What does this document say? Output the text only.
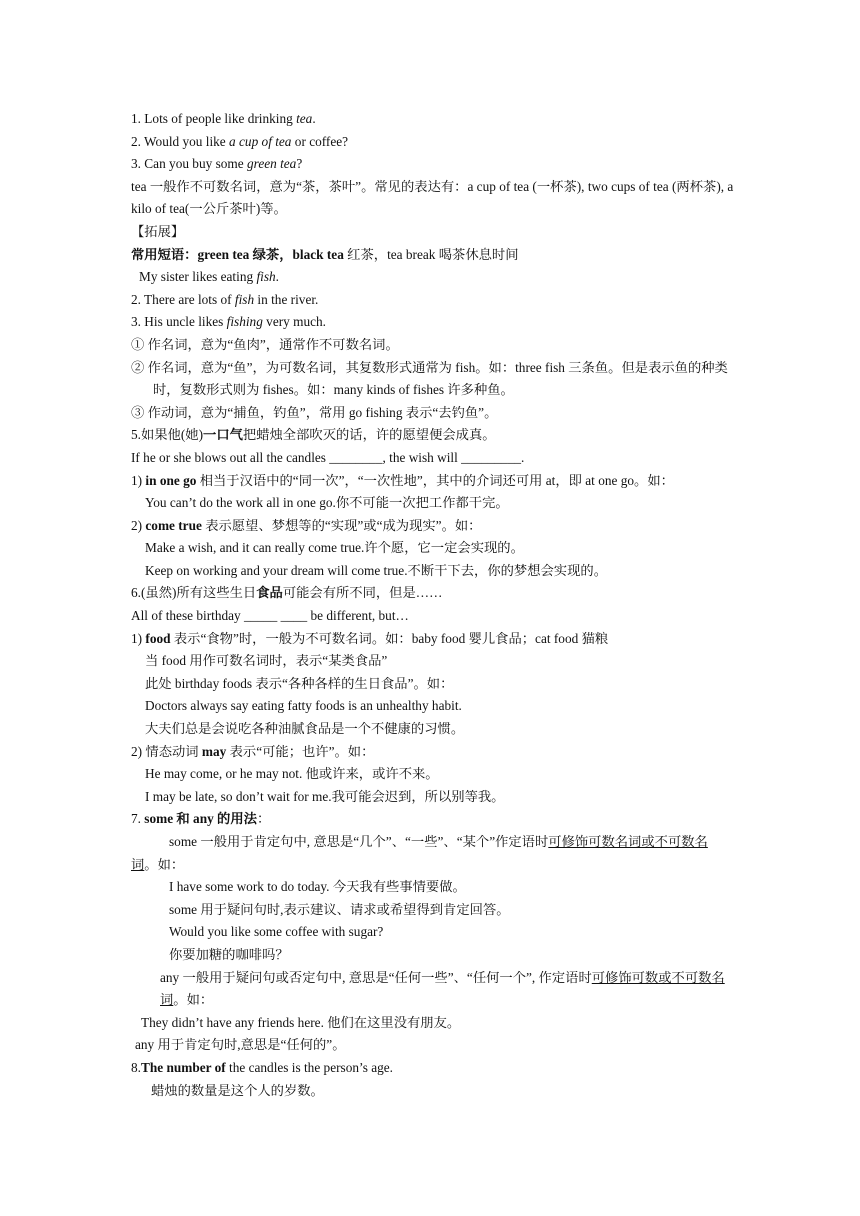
1. Lots of people like drinking tea.
2. Would you like a cup of tea or coffee?
3. Can you buy some green tea?
tea 一般作不可数名词，意为“茶，茶叶”。常见的表达有：a cup of tea (一杯茶), two cups of tea (两杯茶), a kilo of tea(一公斤茶叶)等。
【拓展】
常用短语：green tea 绿茶，black tea 红茶，tea break 喝茶休息时间
My sister likes eating fish.
2. There are lots of fish in the river.
3. His uncle likes fishing very much.
① 作名词，意为“鱼肉”，通常作不可数名词。
② 作名词，意为“鱼”，为可数名词，其复数形式通常为 fish。如：three fish 三条鱼。但是表示鱼的种类时，复数形式则为 fishes。如：many kinds of fishes 许多种鱼。
③ 作动词，意为“捕鱼，钓鱼”，常用 go fishing 表示“去钓鱼”。
5.如果他(她)一口气把蜡烛全部吹灭的话，许的愿望便会成真。
If he or she blows out all the candles ________, the wish will _________.
1) in one go 相当于汉语中的“同一次”，“一次性地”，其中的介词还可用 at，即 at one go。如：
You can’t do the work all in one go.你不可能一次把工作都干完。
2) come true 表示愿望、梦想等的“实现”或“成为现实”。如：
Make a wish, and it can really come true.许个愿，它一定会实现的。
Keep on working and your dream will come true.不断干下去，你的梦想会实现的。
6.(虽然)所有这些生日食品可能会有所不同，但是……
All of these birthday _____ ____ be different, but…
1) food 表示“食物”时，一般为不可数名词。如：baby food 婴儿食品；cat food 猫粮
当 food 用作可数名词时，表示“某类食品”
此处 birthday foods 表示“各种各样的生日食品”。如：
Doctors always say eating fatty foods is an unhealthy habit.
大夫们总是会说吃各种油腻食品是一个不健康的习惯。
2) 情态动词 may 表示“可能；也许”。如：
He may come, or he may not. 他或许来，或许不来。
I may be late, so don’t wait for me.我可能会迟到，所以别等我。
7. some 和 any 的用法：
some 一般用于肯定句中, 意思是“几个”、“一些”、“某个”作定语时可修饰可数名词或不可数名词。如：
I have some work to do today. 今天我有些事情要做。
some 用于疑问句时,表示建议、请求或希望得到肯定回答。
Would you like some coffee with sugar?
你要加糖的咖啡吗？
any 一般用于疑问句或否定句中, 意思是“任何一些”、“任何一个”, 作定语时可修饰可数或不可数名词。如：
They didn’t have any friends here. 他们在这里没有朋友。
any 用于肯定句时,意思是“任何的”。
8.The number of the candles is the person’s age.
蜡烛的数量是这个人的岁数。
